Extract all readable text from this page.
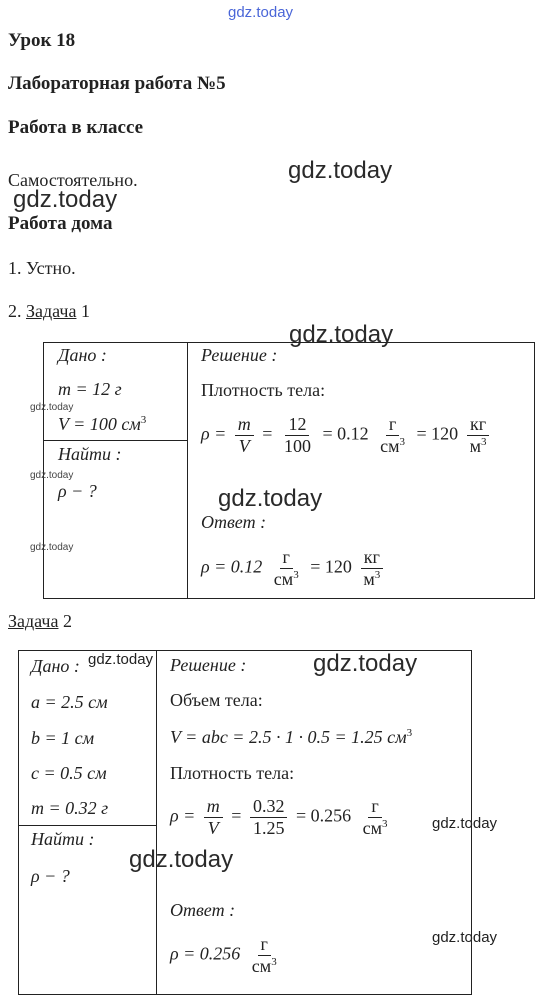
gdz.today
Урок 18
Лабораторная работа №5
Работа в классе
Самостоятельно.	gdz.today
gdz.today
Работа дома
1. Устно.
2. Задача 1
gdz.today
Дано :
m = 12 г
V = 100 $см^3$
gdz.today
Найти :
gdz.today
ρ − ?
gdz.today
Решение :
Плотность тела:
$\rho = \frac{m}{V} = \frac{12}{100} = 0.12 \frac{г}{см^3} = 120 \frac{кг}{м^3}$
gdz.today
Ответ :
$\rho = 0.12 \frac{г}{см^3} = 120 \frac{кг}{м^3}$
Задача 2
Дано : gdz.today
a = 2.5 см
b = 1 см
c = 0.5 см
m = 0.32 г
Найти :
ρ − ?
gdz.today
gdz.today
Решение :
Объем тела:
V = abc = 2.5 · 1 · 0.5 = 1.25 $см^3$
Плотность тела:
$\rho = \frac{m}{V} = \frac{0.32}{1.25} = 0.256 \frac{г}{см^3}$	gdz.today
Ответ :
gdz.today
$\rho = 0.256 \frac{г}{см^3}$
